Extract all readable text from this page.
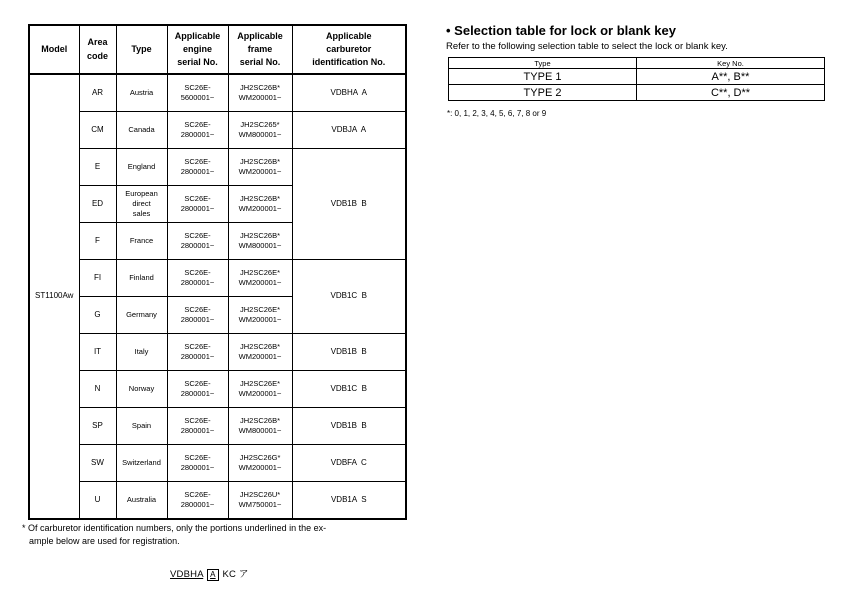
Model	Area
code	Type	Applicable
engine
serial No.	Applicable
frame
serial No.	Applicable
carburetor
identification No.

ST1100Aw	AR	Austria	SC26E-
5600001~	JH2SC26B*
WM200001~	VDBHA  A
	CM	Canada	SC26E-
2800001~	JH2SC265*
WM800001~	VDBJA  A
	E	England	SC26E-
2800001~	JH2SC26B*
WM200001~	VDB1B  B
	ED	European
direct
sales	SC26E-
2800001~	JH2SC26B*
WM200001~	

	F	France	SC26E-
2800001~	JH2SC26B*
WM800001~	

	FI	Finland	SC26E-
2800001~	JH2SC26E*
WM200001~	VDB1C  B
	G	Germany	SC26E-
2800001~	JH2SC26E*
WM200001~	

	IT	Italy	SC26E-
2800001~	JH2SC26B*
WM200001~	VDB1B  B
	N	Norway	SC26E-
2800001~	JH2SC26E*
WM200001~	VDB1C  B
	SP	Spain	SC26E-
2800001~	JH2SC26B*
WM800001~	VDB1B  B
	SW	Switzerland	SC26E-
2800001~	JH2SC26G*
WM200001~	VDBFA  C
	U	Australia	SC26E-
2800001~	JH2SC26U*
WM750001~	VDB1A  S
* Of carburetor identification numbers, only the portions underlined in the ex-
ample below are used for registration.
VDBHA A KC ア
• Selection table for lock or blank key
Refer to the following selection table to select the lock or blank key.
Type	Key No.
TYPE 1	A**, B**
TYPE 2	C**, D**
*: 0, 1, 2, 3, 4, 5, 6, 7, 8 or 9
